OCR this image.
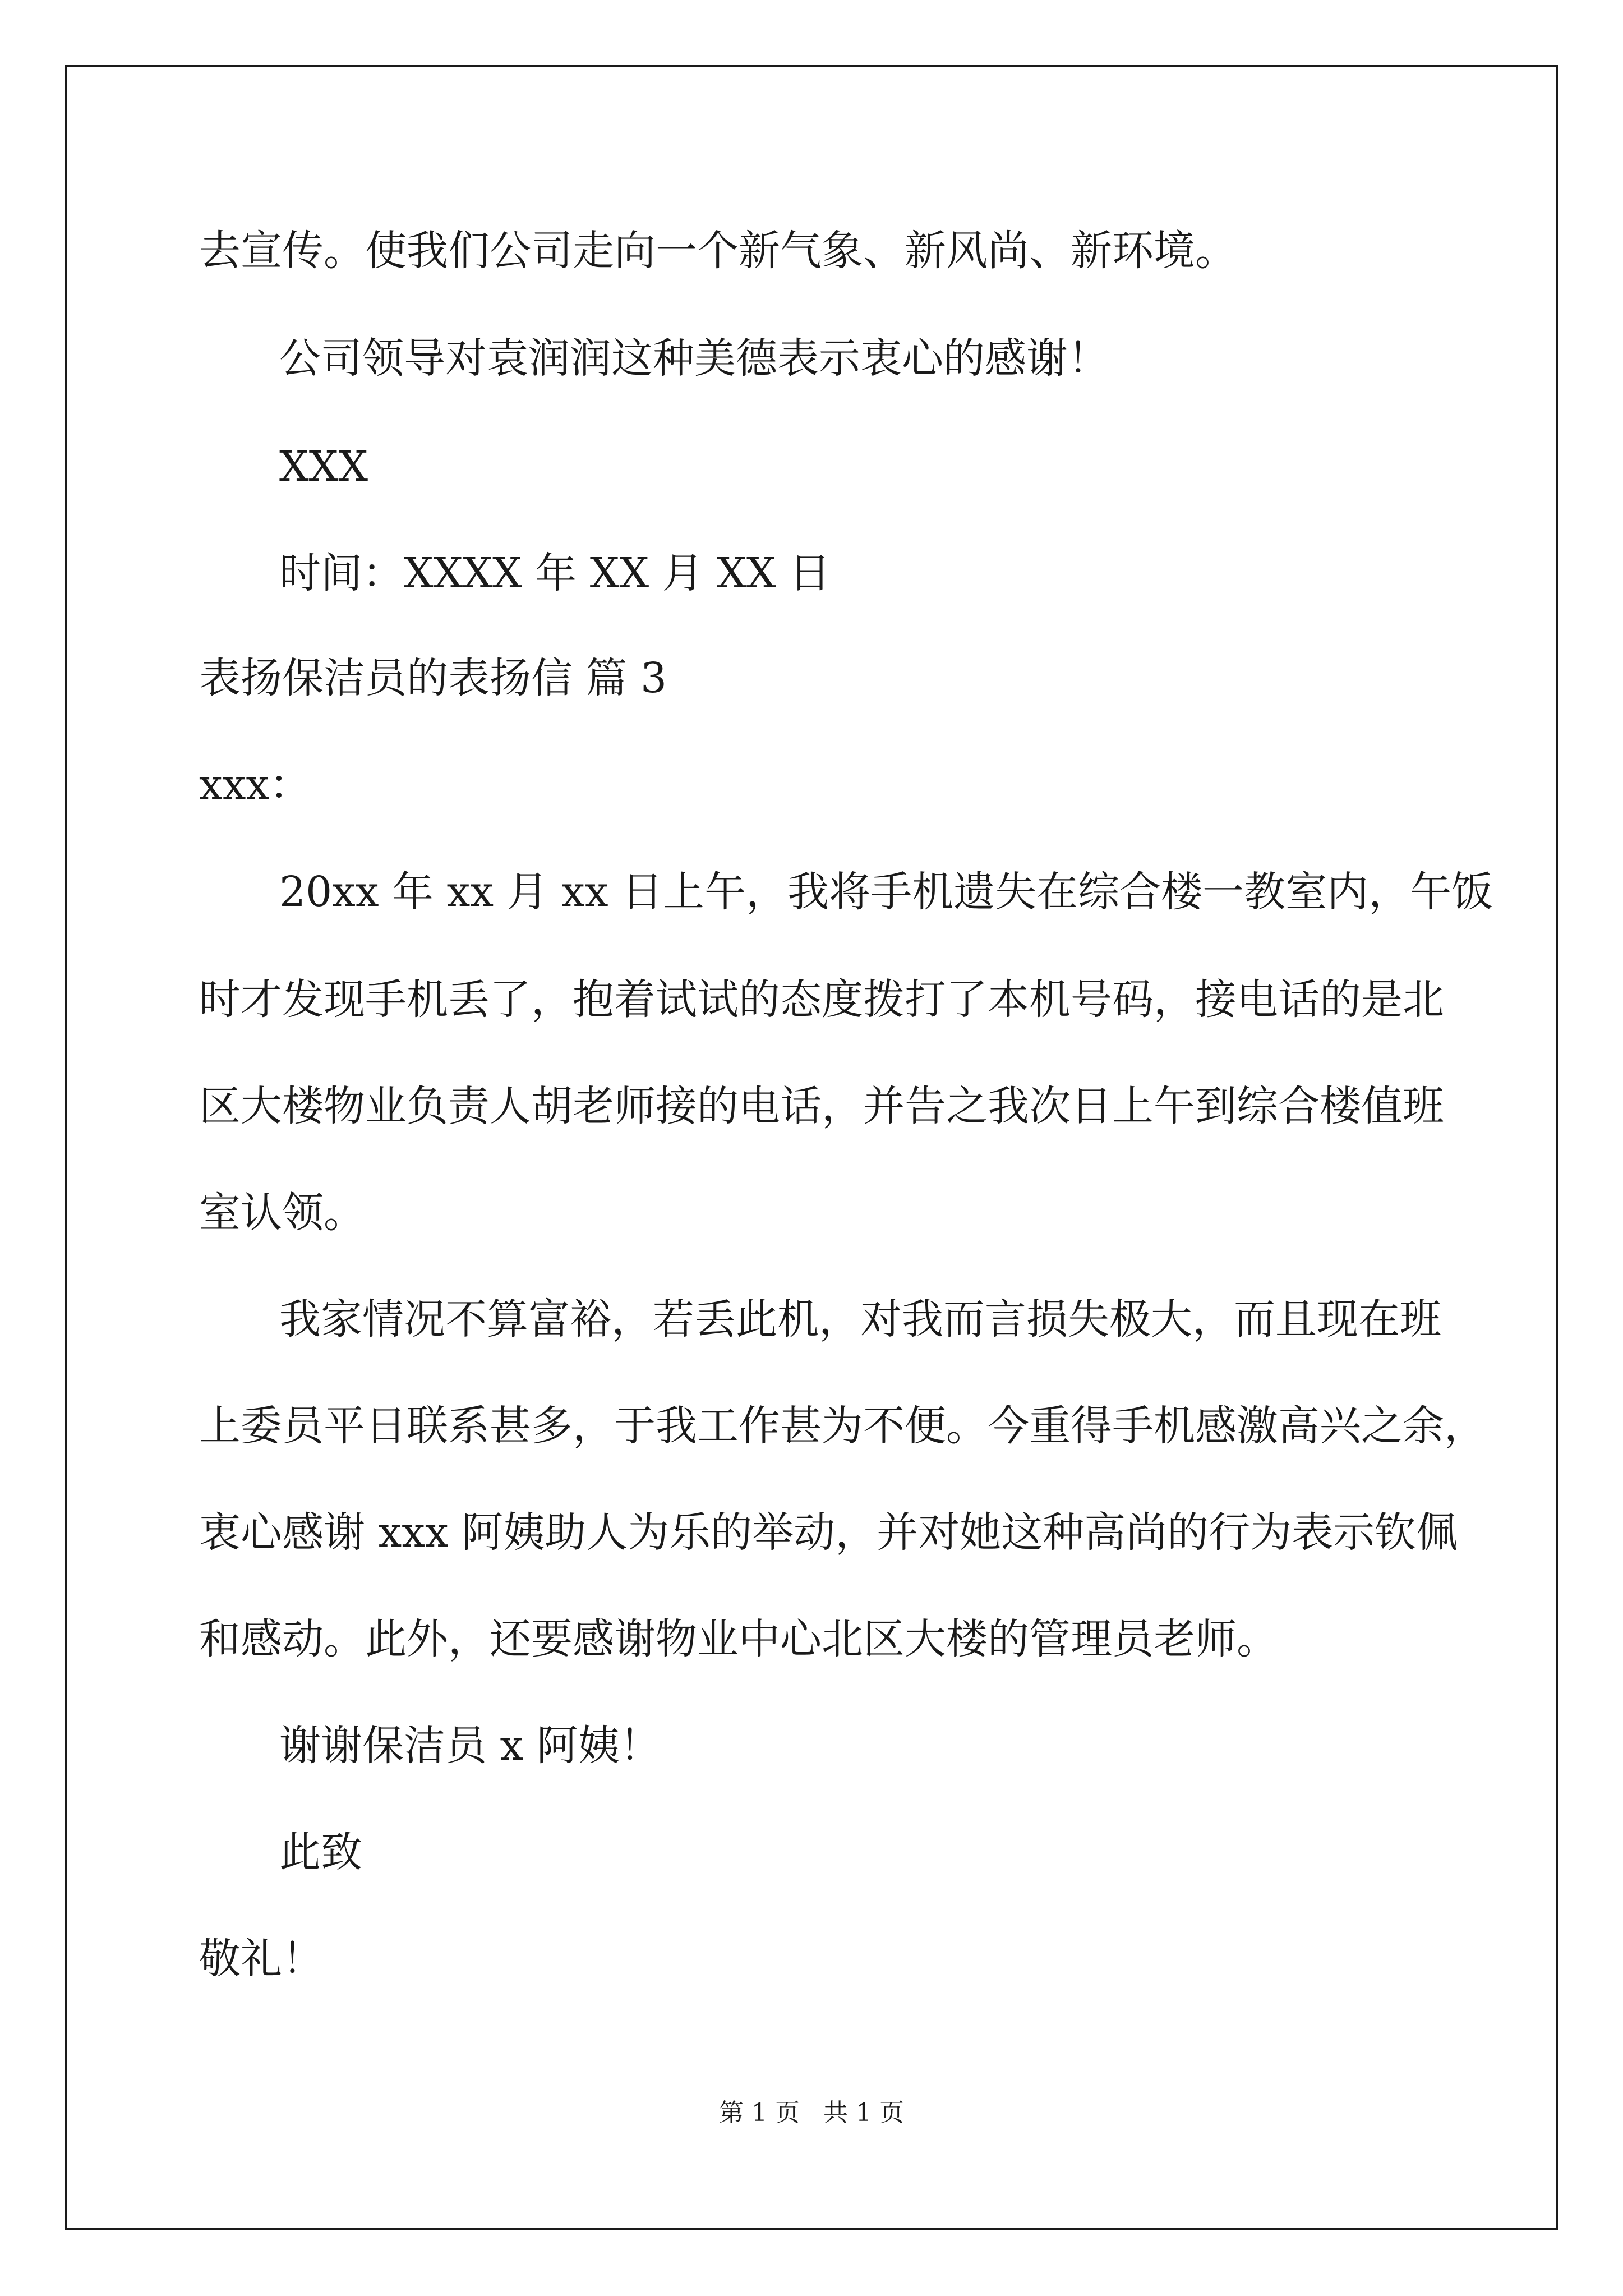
去宣传。使我们公司走向一个新气象、新风尚、新环境。
公司领导对袁润润这种美德表示衷心的感谢！
XXX
时间：XXXX 年 XX 月 XX 日
表扬保洁员的表扬信 篇 3
xxx：
20xx 年 xx 月 xx 日上午，我将手机遗失在综合楼一教室内，午饭
时才发现手机丢了，抱着试试的态度拨打了本机号码，接电话的是北
区大楼物业负责人胡老师接的电话，并告之我次日上午到综合楼值班
室认领。
我家情况不算富裕，若丢此机，对我而言损失极大，而且现在班
上委员平日联系甚多，于我工作甚为不便。今重得手机感激高兴之余，
衷心感谢 xxx 阿姨助人为乐的举动，并对她这种高尚的行为表示钦佩
和感动。此外，还要感谢物业中心北区大楼的管理员老师。
谢谢保洁员 x 阿姨！
此致
敬礼！
第 1 页   共 1 页
